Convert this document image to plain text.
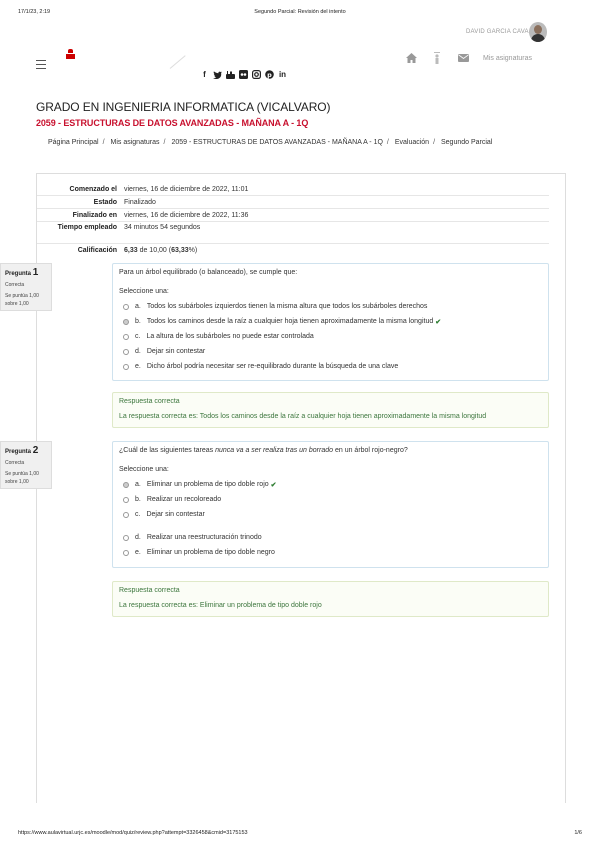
17/1/23, 2:19	Segundo Parcial: Revisión del intento
DAVID GARCIA CAVA
f	p in
Mis asignaturas
GRADO EN INGENIERIA INFORMATICA (VICALVARO)
2059 - ESTRUCTURAS DE DATOS AVANZADAS - MAÑANA A - 1Q
Página Principal / Mis asignaturas / 2059 - ESTRUCTURAS DE DATOS AVANZADAS - MAÑANA A - 1Q / Evaluación / Segundo Parcial
Comenzado el	viernes, 16 de diciembre de 2022, 11:01
Estado	Finalizado
Finalizado en	viernes, 16 de diciembre de 2022, 11:36
Tiempo empleado	34 minutos 54 segundos
Calificación	6,33 de 10,00 (63,33%)
Pregunta 1
Correcta
Se puntúa 1,00 sobre 1,00
Para un árbol equilibrado (o balanceado), se cumple que:
Seleccione una:
a. Todos los subárboles izquierdos tienen la misma altura que todos los subárboles derechos
b. Todos los caminos desde la raíz a cualquier hoja tienen aproximadamente la misma longitud ✔
c. La altura de los subárboles no puede estar controlada
d. Dejar sin contestar
e. Dicho árbol podría necesitar ser re-equilibrado durante la búsqueda de una clave
Respuesta correcta
La respuesta correcta es: Todos los caminos desde la raíz a cualquier hoja tienen aproximadamente la misma longitud
Pregunta 2
Correcta
Se puntúa 1,00 sobre 1,00
¿Cuál de las siguientes tareas nunca va a ser realiza tras un borrado en un árbol rojo-negro?
Seleccione una:
a. Eliminar un problema de tipo doble rojo ✔
b. Realizar un recoloreado
c. Dejar sin contestar
d. Realizar una reestructuración trinodo
e. Eliminar un problema de tipo doble negro
Respuesta correcta
La respuesta correcta es: Eliminar un problema de tipo doble rojo
https://www.aulavirtual.urjc.es/moodle/mod/quiz/review.php?attempt=3326458&cmid=3175153	1/6
